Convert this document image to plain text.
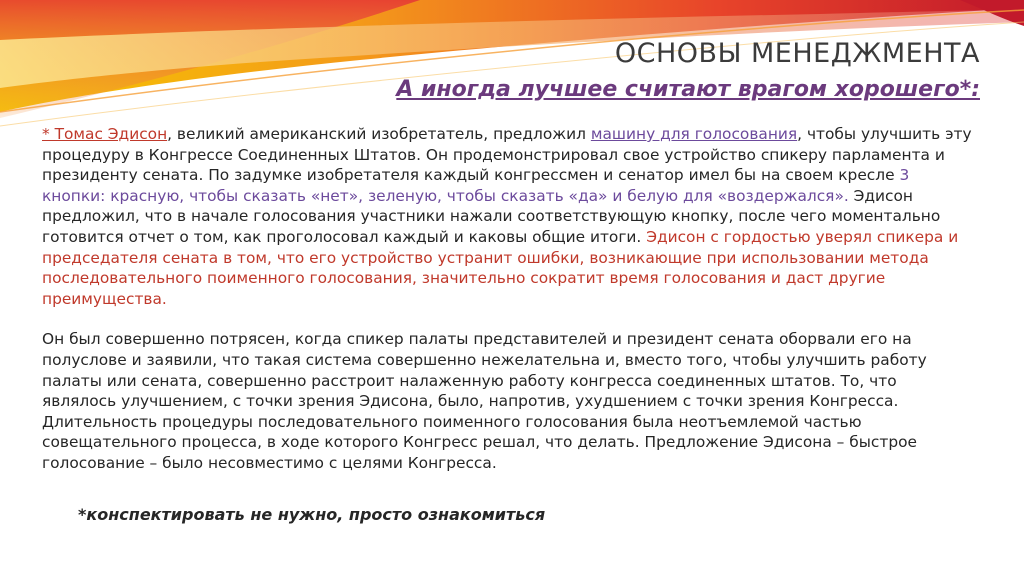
ОСНОВЫ МЕНЕДЖМЕНТА
А иногда лучшее считают врагом хорошего*:

* Томас Эдисон, великий американский изобретатель, предложил машину для голосования, чтобы улучшить эту процедуру в Конгрессе Соединенных Штатов. Он продемонстрировал свое устройство спикеру парламента и президенту сената. По задумке изобретателя каждый конгрессмен и сенатор имел бы на своем кресле 3 кнопки: красную, чтобы сказать «нет», зеленую, чтобы сказать «да» и белую для «воздержался». Эдисон предложил, что в начале голосования участники нажали соответствующую кнопку, после чего моментально готовится отчет о том, как проголосовал каждый и каковы общие итоги. Эдисон с гордостью уверял спикера и председателя сената в том, что его устройство устранит ошибки, возникающие при использовании метода последовательного поименного голосования, значительно сократит время голосования и даст другие преимущества.

Он был совершенно потрясен, когда спикер палаты представителей и президент сената оборвали его на полуслове и заявили, что такая система совершенно нежелательна и, вместо того, чтобы улучшить работу палаты или сената, совершенно расстроит налаженную работу конгресса соединенных штатов. То, что являлось улучшением, с точки зрения Эдисона, было, напротив, ухудшением с точки зрения Конгресса. Длительность процедуры последовательного поименного голосования была неотъемлемой частью совещательного процесса, в ходе которого Конгресс решал, что делать. Предложение Эдисона – быстрое голосование – было несовместимо с целями Конгресса.

*конспектировать не нужно, просто ознакомиться
